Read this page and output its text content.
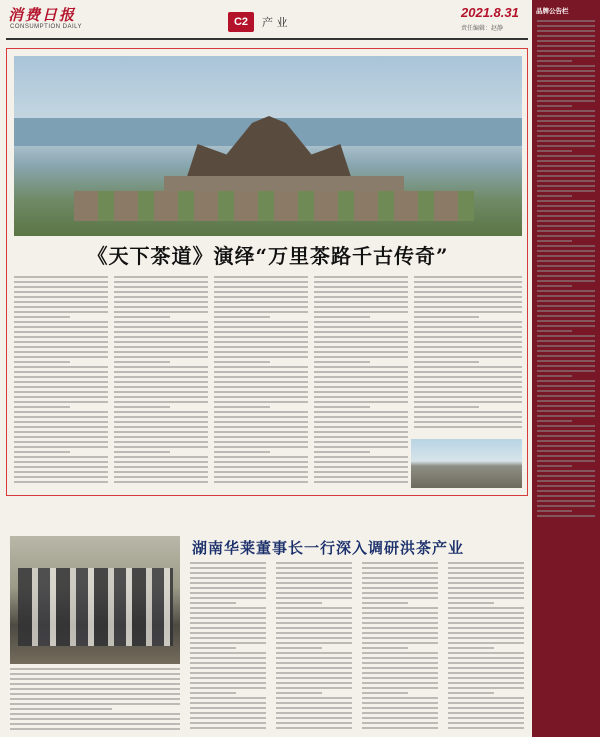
消费日报
CONSUMPTION DAILY	C2	产 业
2021.8.31
责任编辑：赵静
品牌公告栏
《天下茶道》演绎“万里茶路千古传奇”
湖南华莱董事长一行深入调研洪茶产业
